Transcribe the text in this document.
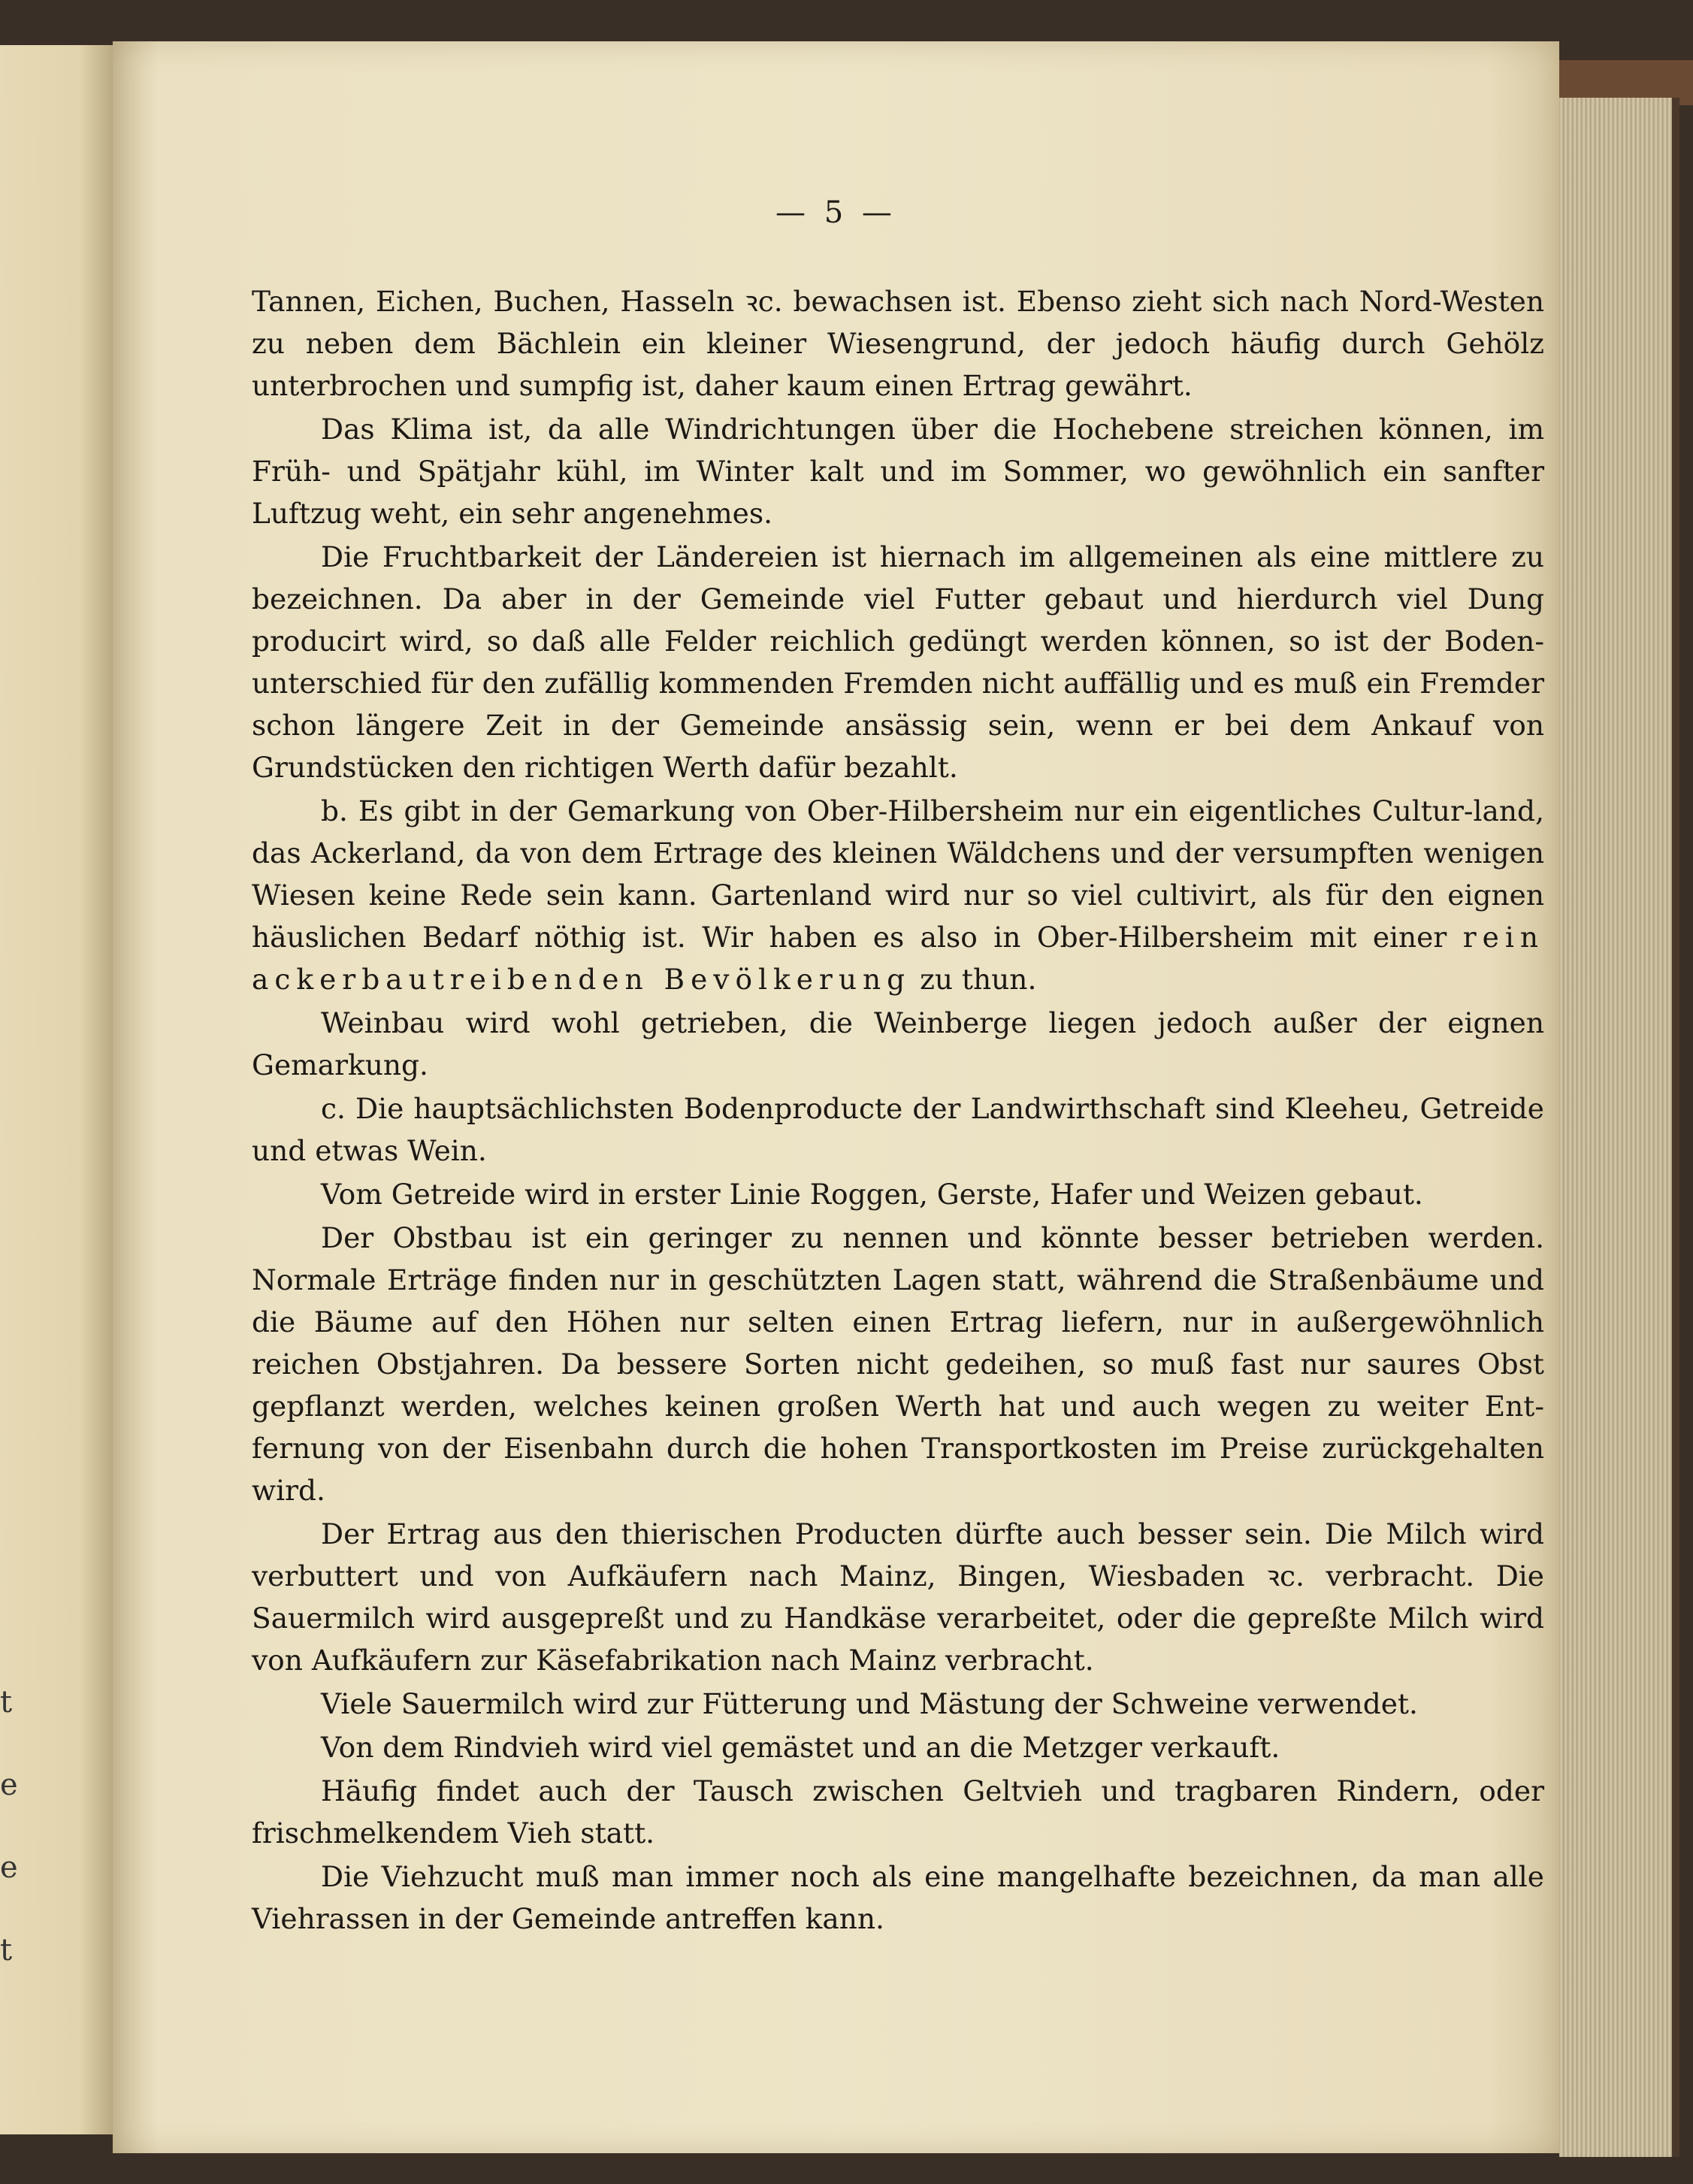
t
e
e
t
— 5 —

Tannen, Eichen, Buchen, Hasseln ꝛc. bewachsen ist. Ebenso zieht sich nach Nord-Westen zu neben dem Bächlein ein kleiner Wiesengrund, der jedoch häufig durch Gehölz unterbrochen und sumpfig ist, daher kaum einen Ertrag gewährt.

Das Klima ist, da alle Windrichtungen über die Hochebene streichen können, im Früh- und Spätjahr kühl, im Winter kalt und im Sommer, wo gewöhnlich ein sanfter Luftzug weht, ein sehr angenehmes.

Die Fruchtbarkeit der Ländereien ist hiernach im allgemeinen als eine mittlere zu bezeichnen. Da aber in der Gemeinde viel Futter gebaut und hierdurch viel Dung producirt wird, so daß alle Felder reichlich gedüngt werden können, so ist der Boden-unterschied für den zufällig kommenden Fremden nicht auffällig und es muß ein Fremder schon längere Zeit in der Gemeinde ansässig sein, wenn er bei dem Ankauf von Grundstücken den richtigen Werth dafür bezahlt.

b. Es gibt in der Gemarkung von Ober-Hilbersheim nur ein eigentliches Cultur-land, das Ackerland, da von dem Ertrage des kleinen Wäldchens und der versumpften wenigen Wiesen keine Rede sein kann. Gartenland wird nur so viel cultivirt, als für den eignen häuslichen Bedarf nöthig ist. Wir haben es also in Ober-Hilbersheim mit einer rein ackerbautreibenden Bevölkerung zu thun.

Weinbau wird wohl getrieben, die Weinberge liegen jedoch außer der eignen Gemarkung.

c. Die hauptsächlichsten Bodenproducte der Landwirthschaft sind Kleeheu, Getreide und etwas Wein.

Vom Getreide wird in erster Linie Roggen, Gerste, Hafer und Weizen gebaut.

Der Obstbau ist ein geringer zu nennen und könnte besser betrieben werden. Normale Erträge finden nur in geschützten Lagen statt, während die Straßenbäume und die Bäume auf den Höhen nur selten einen Ertrag liefern, nur in außergewöhnlich reichen Obstjahren. Da bessere Sorten nicht gedeihen, so muß fast nur saures Obst gepflanzt werden, welches keinen großen Werth hat und auch wegen zu weiter Ent-fernung von der Eisenbahn durch die hohen Transportkosten im Preise zurückgehalten wird.

Der Ertrag aus den thierischen Producten dürfte auch besser sein. Die Milch wird verbuttert und von Aufkäufern nach Mainz, Bingen, Wiesbaden ꝛc. verbracht. Die Sauermilch wird ausgepreßt und zu Handkäse verarbeitet, oder die gepreßte Milch wird von Aufkäufern zur Käsefabrikation nach Mainz verbracht.

Viele Sauermilch wird zur Fütterung und Mästung der Schweine verwendet.

Von dem Rindvieh wird viel gemästet und an die Metzger verkauft.

Häufig findet auch der Tausch zwischen Geltvieh und tragbaren Rindern, oder frischmelkendem Vieh statt.

Die Viehzucht muß man immer noch als eine mangelhafte bezeichnen, da man alle Viehrassen in der Gemeinde antreffen kann.
